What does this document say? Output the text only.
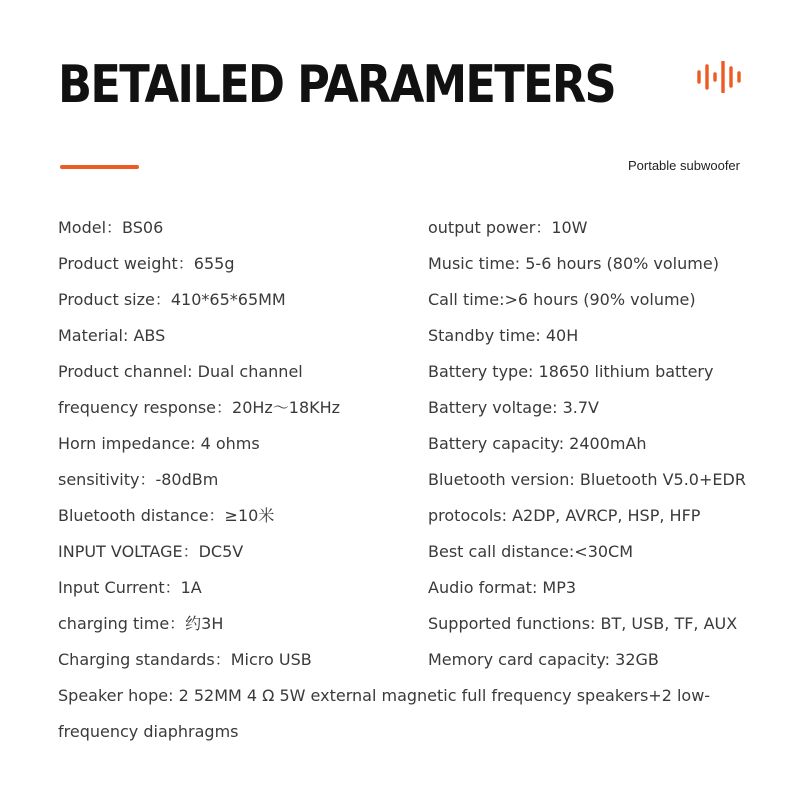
BETAILED PARAMETERS
Portable subwoofer
Model：BS06
Product weight：655g
Product size：410*65*65MM
Material: ABS
Product channel: Dual channel
frequency response：20Hz～18KHz
Horn impedance: 4 ohms
sensitivity：-80dBm
Bluetooth distance：≥10米
INPUT VOLTAGE：DC5V
Input Current：1A
charging time：约3H
Charging standards：Micro USB
output power：10W
Music time: 5-6 hours (80% volume)
Call time:>6 hours (90% volume)
Standby time: 40H
Battery type: 18650 lithium battery
Battery voltage: 3.7V
Battery capacity: 2400mAh
Bluetooth version: Bluetooth V5.0+EDR
protocols: A2DP, AVRCP, HSP, HFP
Best call distance:<30CM
Audio format: MP3
Supported functions: BT, USB, TF, AUX
Memory card capacity: 32GB

Speaker hope: 2 52MM 4 Ω 5W external magnetic full frequency speakers+2 low-frequency diaphragms
